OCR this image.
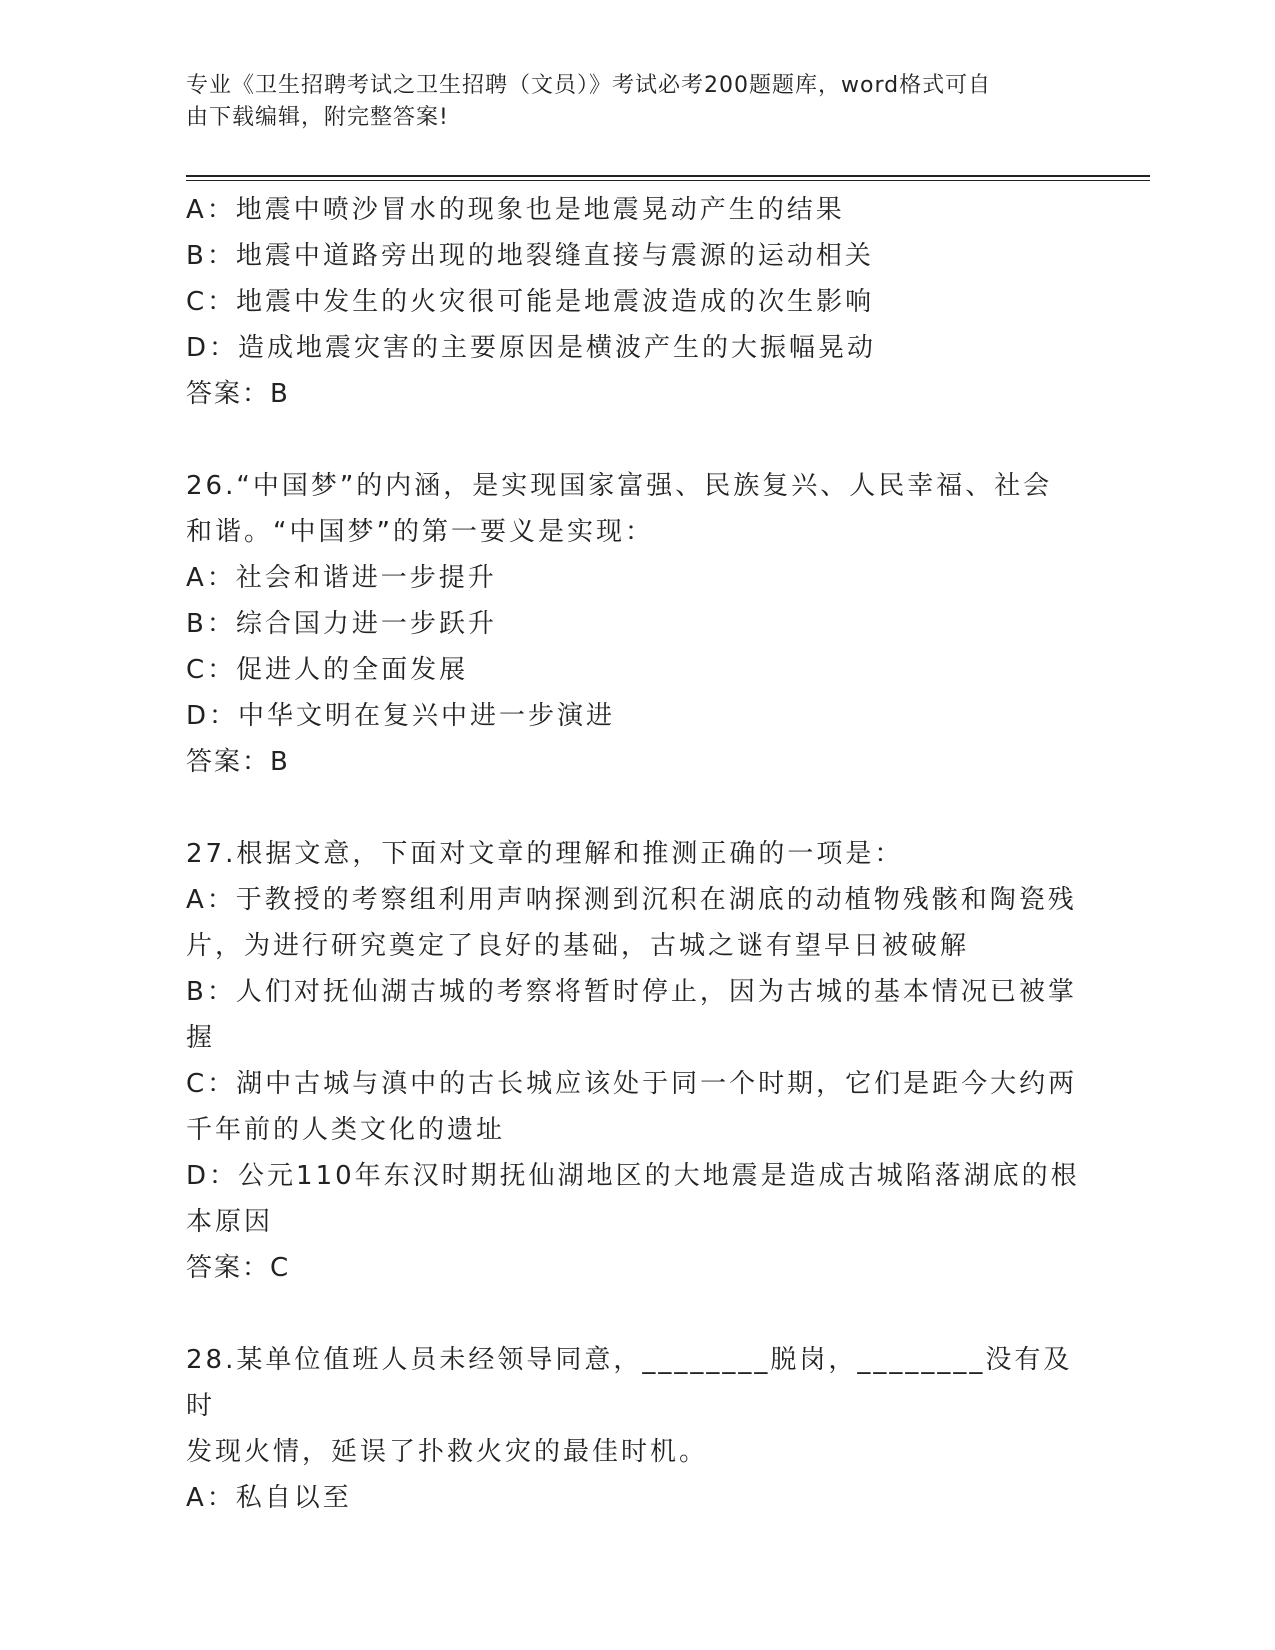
专业《卫生招聘考试之卫生招聘（文员）》考试必考200题题库，word格式可自
由下载编辑，附完整答案!

A：地震中喷沙冒水的现象也是地震晃动产生的结果

B：地震中道路旁出现的地裂缝直接与震源的运动相关

C：地震中发生的火灾很可能是地震波造成的次生影响

D：造成地震灾害的主要原因是横波产生的大振幅晃动

答案：B

26.“中国梦”的内涵，是实现国家富强、民族复兴、人民幸福、社会

和谐。“中国梦”的第一要义是实现：

A：社会和谐进一步提升

B：综合国力进一步跃升

C：促进人的全面发展

D：中华文明在复兴中进一步演进

答案：B

27.根据文意，下面对文章的理解和推测正确的一项是：

A：于教授的考察组利用声呐探测到沉积在湖底的动植物残骸和陶瓷残

片，为进行研究奠定了良好的基础，古城之谜有望早日被破解

B：人们对抚仙湖古城的考察将暂时停止，因为古城的基本情况已被掌

握

C：湖中古城与滇中的古长城应该处于同一个时期，它们是距今大约两

千年前的人类文化的遗址

D：公元110年东汉时期抚仙湖地区的大地震是造成古城陷落湖底的根

本原因

答案：C

28.某单位值班人员未经领导同意，________脱岗，________没有及时

发现火情，延误了扑救火灾的最佳时机。

A：私自以至
